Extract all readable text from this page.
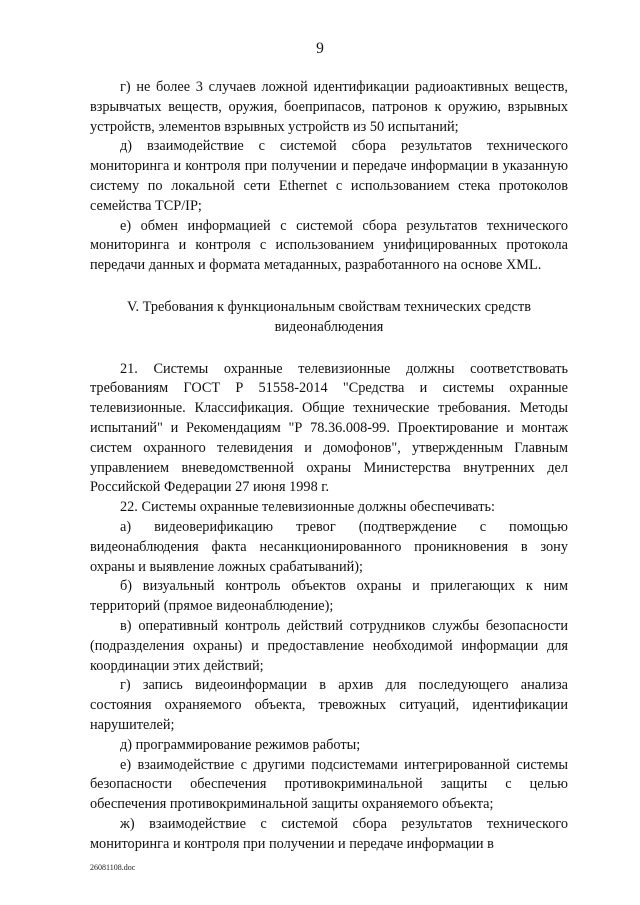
9

г) не более 3 случаев ложной идентификации радиоактивных веществ, взрывчатых веществ, оружия, боеприпасов, патронов к оружию, взрывных устройств, элементов взрывных устройств из 50 испытаний;

д) взаимодействие с системой сбора результатов технического мониторинга и контроля при получении и передаче информации в указанную систему по локальной сети Ethernet с использованием стека протоколов семейства TCP/IP;

е) обмен информацией с системой сбора результатов технического мониторинга и контроля с использованием унифицированных протокола передачи данных и формата метаданных, разработанного на основе XML.

V. Требования к функциональным свойствам технических средств
видеонаблюдения

21. Системы охранные телевизионные должны соответствовать требованиям ГОСТ Р 51558-2014 "Средства и системы охранные телевизионные. Классификация. Общие технические требования. Методы испытаний" и Рекомендациям "Р 78.36.008-99. Проектирование и монтаж систем охранного телевидения и домофонов", утвержденным Главным управлением вневедомственной охраны Министерства внутренних дел Российской Федерации 27 июня 1998 г.

22. Системы охранные телевизионные должны обеспечивать:

а) видеоверификацию тревог (подтверждение с помощью видеонаблюдения факта несанкционированного проникновения в зону охраны и выявление ложных срабатываний);

б) визуальный контроль объектов охраны и прилегающих к ним территорий (прямое видеонаблюдение);

в) оперативный контроль действий сотрудников службы безопасности (подразделения охраны) и предоставление необходимой информации для координации этих действий;

г) запись видеоинформации в архив для последующего анализа состояния охраняемого объекта, тревожных ситуаций, идентификации нарушителей;

д) программирование режимов работы;

е) взаимодействие с другими подсистемами интегрированной системы безопасности обеспечения противокриминальной защиты с целью обеспечения противокриминальной защиты охраняемого объекта;

ж) взаимодействие с системой сбора результатов технического мониторинга и контроля при получении и передаче информации в

26081108.doc
